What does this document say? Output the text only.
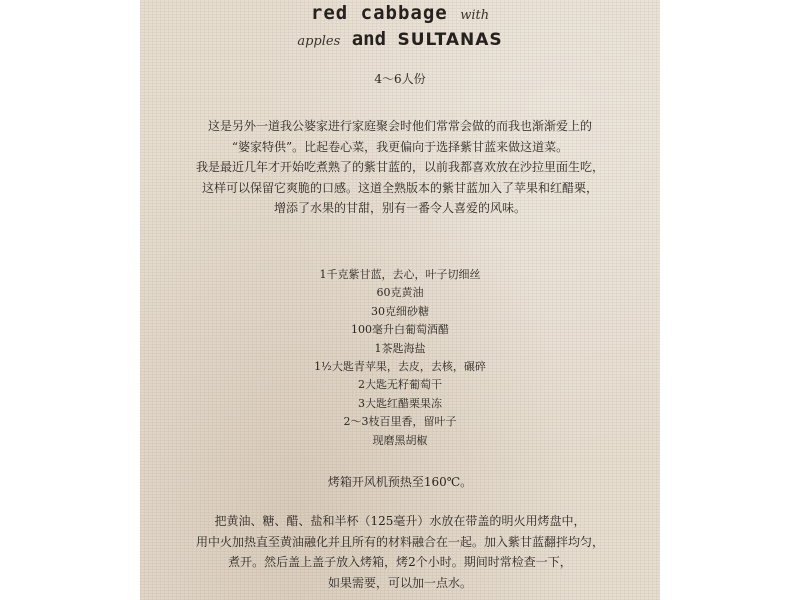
red cabbage with
apples and SULTANAS
4～6人份
这是另外一道我公婆家进行家庭聚会时他们常常会做的而我也渐渐爱上的
“婆家特供”。比起卷心菜，我更偏向于选择紫甘蓝来做这道菜。
我是最近几年才开始吃煮熟了的紫甘蓝的，以前我都喜欢放在沙拉里面生吃，
这样可以保留它爽脆的口感。这道全熟版本的紫甘蓝加入了苹果和红醋栗，
增添了水果的甘甜，别有一番令人喜爱的风味。
1千克紫甘蓝，去心，叶子切细丝
60克黄油
30克细砂糖
100毫升白葡萄酒醋
1茶匙海盐
1½大匙青苹果，去皮，去核，碾碎
2大匙无籽葡萄干
3大匙红醋栗果冻
2～3枝百里香，留叶子
现磨黑胡椒
烤箱开风机预热至160℃。
把黄油、糖、醋、盐和半杯（125毫升）水放在带盖的明火用烤盘中，
用中火加热直至黄油融化并且所有的材料融合在一起。加入紫甘蓝翻拌均匀，
煮开。然后盖上盖子放入烤箱，烤2个小时。期间时常检查一下，
如果需要，可以加一点水。
